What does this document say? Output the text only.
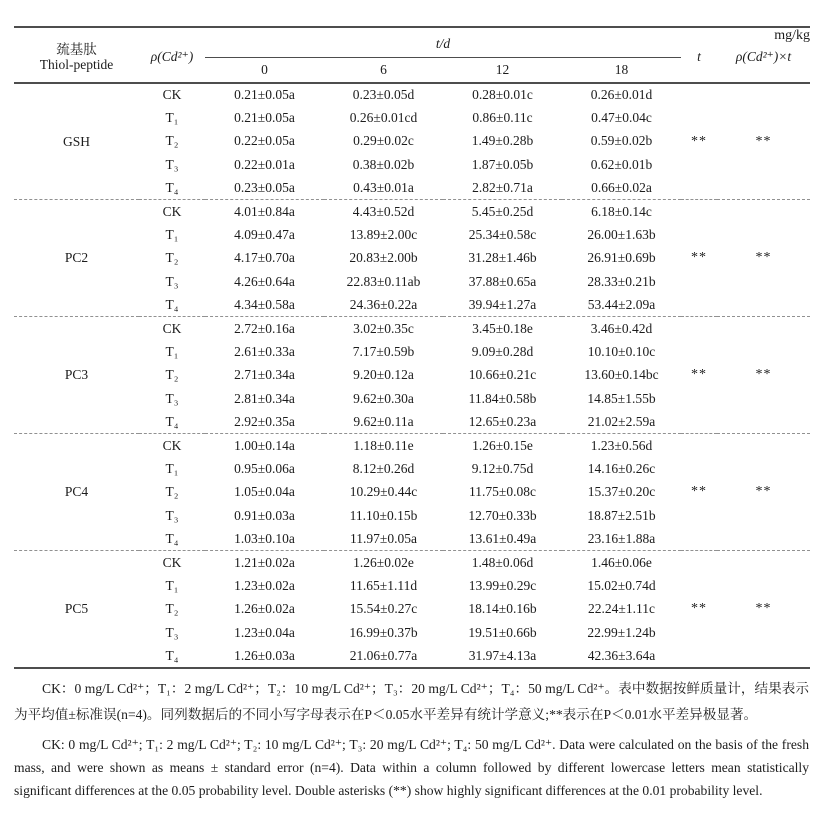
mg/kg
巯基肽
Thiol-peptide	ρ(Cd²⁺)	t/d				t	ρ(Cd²⁺)×t
		0	6	12	18		
GSH	CK	0.21±0.05a	0.23±0.05d	0.28±0.01c	0.26±0.01d	**	**
	T₁	0.21±0.05a	0.26±0.01cd	0.86±0.11c	0.47±0.04c		
	T₂	0.22±0.05a	0.29±0.02c	1.49±0.28b	0.59±0.02b		
	T₃	0.22±0.01a	0.38±0.02b	1.87±0.05b	0.62±0.01b		
	T₄	0.23±0.05a	0.43±0.01a	2.82±0.71a	0.66±0.02a		
PC2	CK	4.01±0.84a	4.43±0.52d	5.45±0.25d	6.18±0.14c	**	**
	T₁	4.09±0.47a	13.89±2.00c	25.34±0.58c	26.00±1.63b		
	T₂	4.17±0.70a	20.83±2.00b	31.28±1.46b	26.91±0.69b		
	T₃	4.26±0.64a	22.83±0.11ab	37.88±0.65a	28.33±0.21b		
	T₄	4.34±0.58a	24.36±0.22a	39.94±1.27a	53.44±2.09a		
PC3	CK	2.72±0.16a	3.02±0.35c	3.45±0.18e	3.46±0.42d	**	**
	T₁	2.61±0.33a	7.17±0.59b	9.09±0.28d	10.10±0.10c		
	T₂	2.71±0.34a	9.20±0.12a	10.66±0.21c	13.60±0.14bc		
	T₃	2.81±0.34a	9.62±0.30a	11.84±0.58b	14.85±1.55b		
	T₄	2.92±0.35a	9.62±0.11a	12.65±0.23a	21.02±2.59a		
PC4	CK	1.00±0.14a	1.18±0.11e	1.26±0.15e	1.23±0.56d	**	**
	T₁	0.95±0.06a	8.12±0.26d	9.12±0.75d	14.16±0.26c		
	T₂	1.05±0.04a	10.29±0.44c	11.75±0.08c	15.37±0.20c		
	T₃	0.91±0.03a	11.10±0.15b	12.70±0.33b	18.87±2.51b		
	T₄	1.03±0.10a	11.97±0.05a	13.61±0.49a	23.16±1.88a		
PC5	CK	1.21±0.02a	1.26±0.02e	1.48±0.06d	1.46±0.06e	**	**
	T₁	1.23±0.02a	11.65±1.11d	13.99±0.29c	15.02±0.74d		
	T₂	1.26±0.02a	15.54±0.27c	18.14±0.16b	22.24±1.11c		
	T₃	1.23±0.04a	16.99±0.37b	19.51±0.66b	22.99±1.24b		
	T₄	1.26±0.03a	21.06±0.77a	31.97±4.13a	42.36±3.64a		

CK：0 mg/L Cd²⁺；T₁：2 mg/L Cd²⁺；T₂：10 mg/L Cd²⁺；T₃：20 mg/L Cd²⁺；T₄：50 mg/L Cd²⁺。表中数据按鲜质量计，结果表示为平均值±标准误(n=4)。同列数据后的不同小写字母表示在P＜0.05水平差异有统计学意义;**表示在P＜0.01水平差异极显著。

CK: 0 mg/L Cd²⁺; T₁: 2 mg/L Cd²⁺; T₂: 10 mg/L Cd²⁺; T₃: 20 mg/L Cd²⁺; T₄: 50 mg/L Cd²⁺. Data were calculated on the basis of the fresh mass, and were shown as means ± standard error (n=4). Data within a column followed by different lowercase letters mean statistically significant differences at the 0.05 probability level. Double asterisks (**) show highly significant differences at the 0.01 probability level.
